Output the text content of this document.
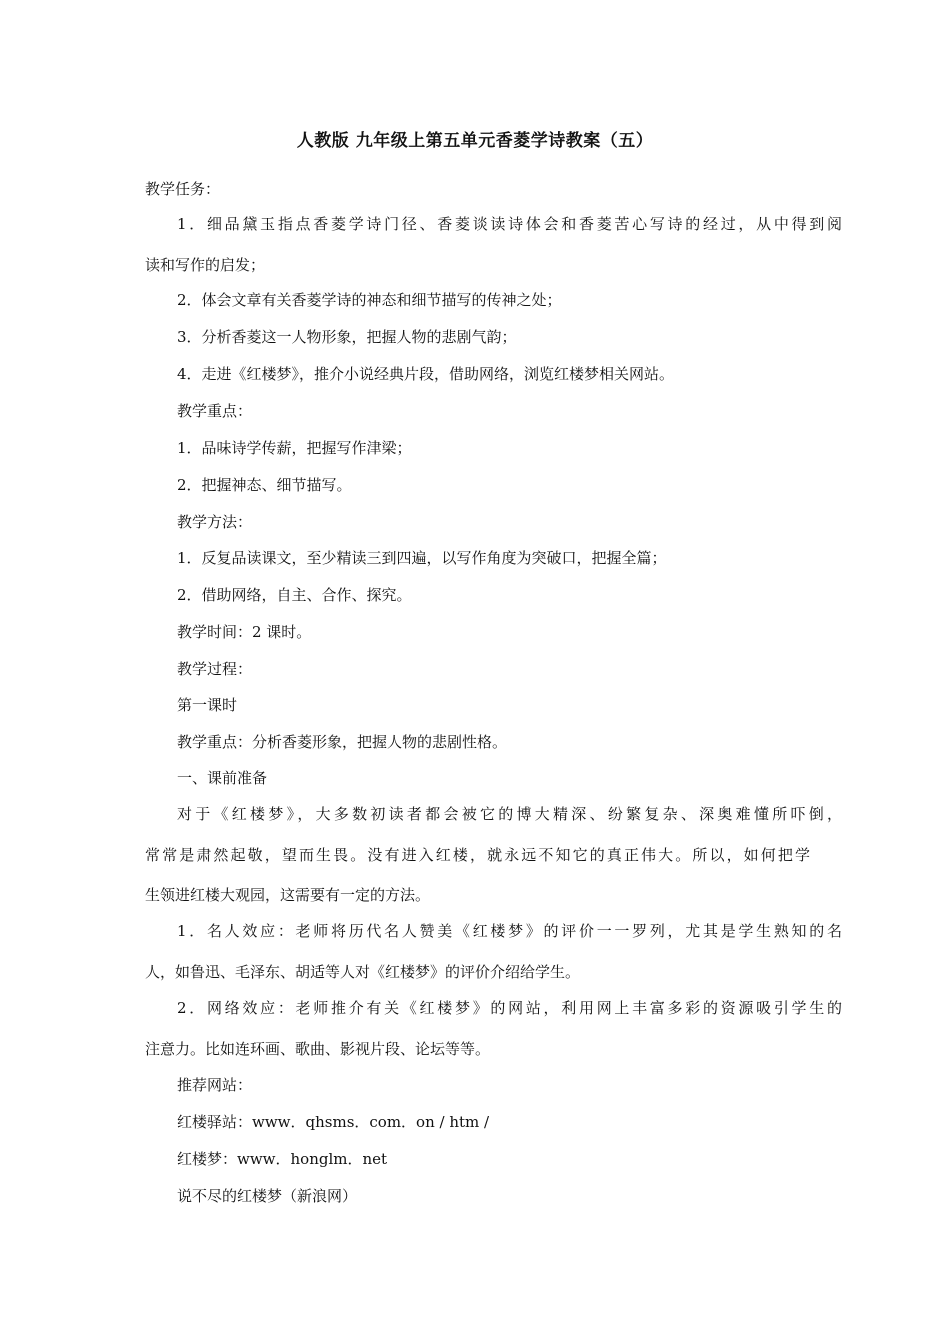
人教版 九年级上第五单元香菱学诗教案（五）

教学任务：

1．细品黛玉指点香菱学诗门径、香菱谈读诗体会和香菱苦心写诗的经过，从中得到阅

读和写作的启发；

2．体会文章有关香菱学诗的神态和细节描写的传神之处；

3．分析香菱这一人物形象，把握人物的悲剧气韵；

4．走进《红楼梦》，推介小说经典片段，借助网络，浏览红楼梦相关网站。

教学重点：

1．品味诗学传薪，把握写作津梁；

2．把握神态、细节描写。

教学方法：

1．反复品读课文，至少精读三到四遍，以写作角度为突破口，把握全篇；

2．借助网络，自主、合作、探究。

教学时间：2 课时。

教学过程：

第一课时

教学重点：分析香菱形象，把握人物的悲剧性格。

一、课前准备

对于《红楼梦》，大多数初读者都会被它的博大精深、纷繁复杂、深奥难懂所吓倒，

常常是肃然起敬，望而生畏。没有进入红楼，就永远不知它的真正伟大。所以，如何把学

生领进红楼大观园，这需要有一定的方法。

1．名人效应：老师将历代名人赞美《红楼梦》的评价一一罗列，尤其是学生熟知的名

人，如鲁迅、毛泽东、胡适等人对《红楼梦》的评价介绍给学生。

2．网络效应：老师推介有关《红楼梦》的网站，利用网上丰富多彩的资源吸引学生的

注意力。比如连环画、歌曲、影视片段、论坛等等。

推荐网站：

红楼驿站：www．qhsms．com．on / htm /

红楼梦：www．honglm．net

说不尽的红楼梦（新浪网）
